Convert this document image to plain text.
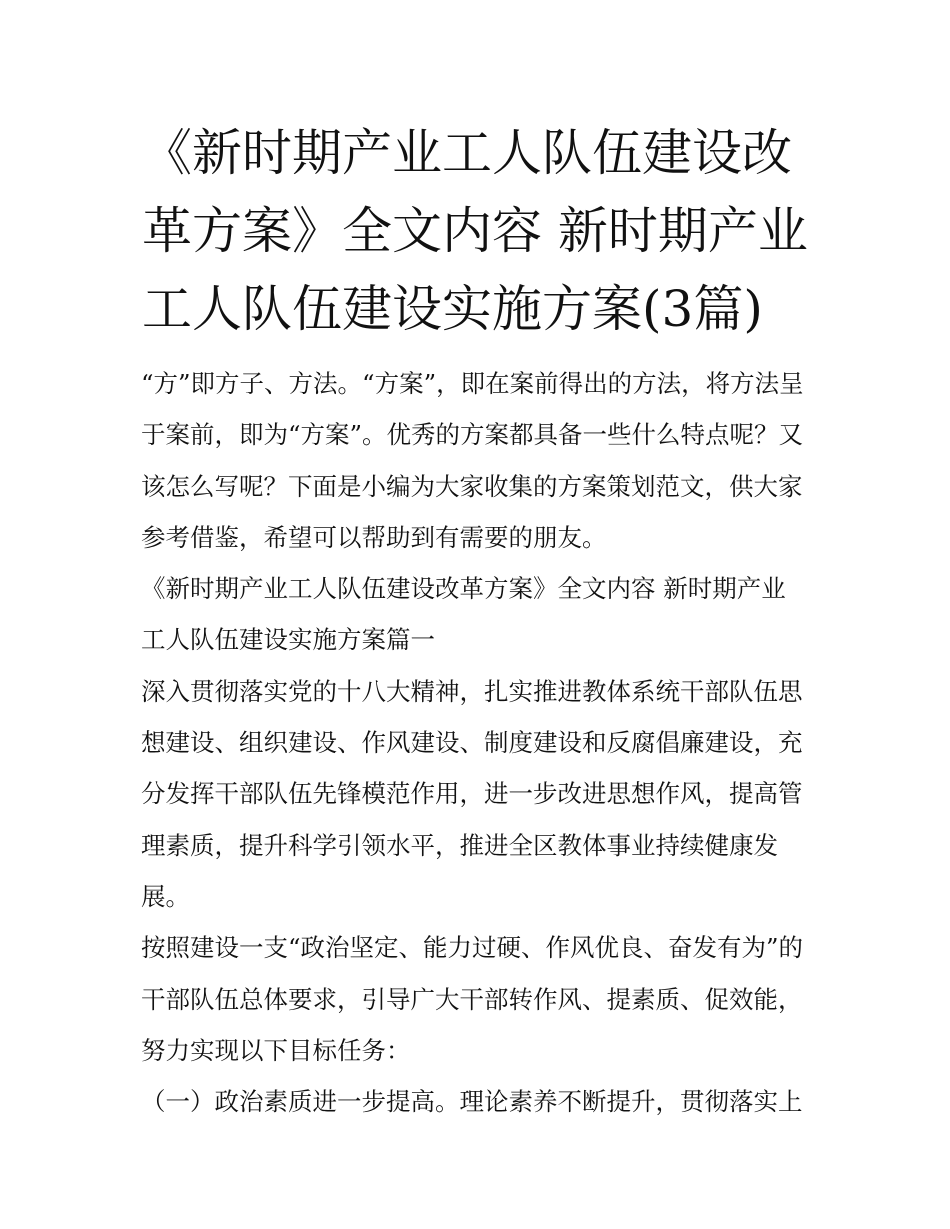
《新时期产业工人队伍建设改
革方案》全文内容 新时期产业
工人队伍建设实施方案(3篇)
“方”即方子、方法。“方案”，即在案前得出的方法，将方法呈
于案前，即为“方案”。优秀的方案都具备一些什么特点呢？又
该怎么写呢？下面是小编为大家收集的方案策划范文，供大家
参考借鉴，希望可以帮助到有需要的朋友。
《新时期产业工人队伍建设改革方案》全文内容 新时期产业
工人队伍建设实施方案篇一
深入贯彻落实党的十八大精神，扎实推进教体系统干部队伍思
想建设、组织建设、作风建设、制度建设和反腐倡廉建设，充
分发挥干部队伍先锋模范作用，进一步改进思想作风，提高管
理素质，提升科学引领水平，推进全区教体事业持续健康发
展。
按照建设一支“政治坚定、能力过硬、作风优良、奋发有为”的
干部队伍总体要求，引导广大干部转作风、提素质、促效能，
努力实现以下目标任务：
（一）政治素质进一步提高。理论素养不断提升，贯彻落实上
